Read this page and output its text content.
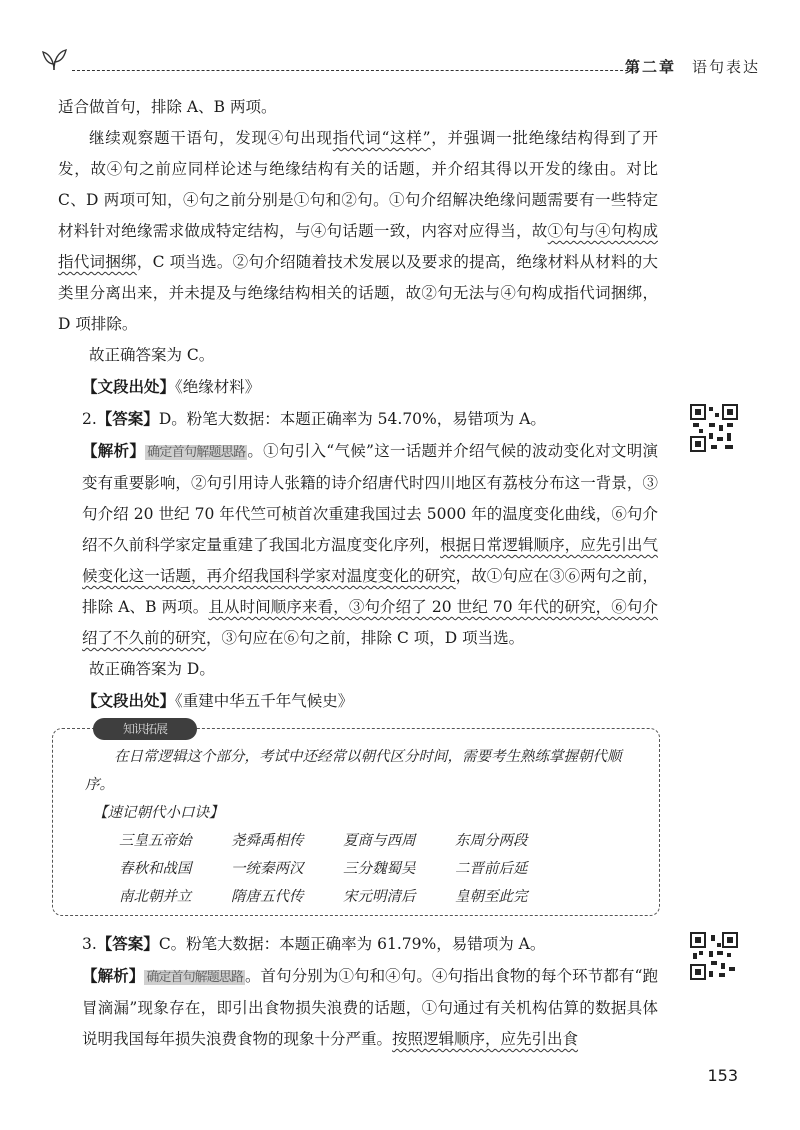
第二章 语句表达

适合做首句，排除 A、B 两项。

继续观察题干语句，发现④句出现指代词“这样”，并强调一批绝缘结构得到了开发，故④句之前应同样论述与绝缘结构有关的话题，并介绍其得以开发的缘由。对比 C、D 两项可知，④句之前分别是①句和②句。①句介绍解决绝缘问题需要有一些特定材料针对绝缘需求做成特定结构，与④句话题一致，内容对应得当，故①句与④句构成指代词捆绑，C 项当选。②句介绍随着技术发展以及要求的提高，绝缘材料从材料的大类里分离出来，并未提及与绝缘结构相关的话题，故②句无法与④句构成指代词捆绑，D 项排除。

故正确答案为 C。

【文段出处】《绝缘材料》

2.【答案】D。粉笔大数据：本题正确率为 54.70%，易错项为 A。

【解析】 确定首句解题思路 。①句引入“气候”这一话题并介绍气候的波动变化对文明演变有重要影响，②句引用诗人张籍的诗介绍唐代时四川地区有荔枝分布这一背景，③句介绍 20 世纪 70 年代竺可桢首次重建我国过去 5000 年的温度变化曲线，⑥句介绍不久前科学家定量重建了我国北方温度变化序列，根据日常逻辑顺序，应先引出气候变化这一话题，再介绍我国科学家对温度变化的研究，故①句应在③⑥两句之前，排除 A、B 两项。且从时间顺序来看，③句介绍了 20 世纪 70 年代的研究，⑥句介绍了不久前的研究，③句应在⑥句之前，排除 C 项，D 项当选。

故正确答案为 D。

【文段出处】《重建中华五千年气候史》

知识拓展

在日常逻辑这个部分，考试中还经常以朝代区分时间，需要考生熟练掌握朝代顺序。

【速记朝代小口诀】

三皇五帝始	尧舜禹相传	夏商与西周	东周分两段
春秋和战国	一统秦两汉	三分魏蜀吴	二晋前后延
南北朝并立	隋唐五代传	宋元明清后	皇朝至此完

3.【答案】C。粉笔大数据：本题正确率为 61.79%，易错项为 A。

【解析】 确定首句解题思路 。首句分别为①句和④句。④句指出食物的每个环节都有“跑冒滴漏”现象存在，即引出食物损失浪费的话题，①句通过有关机构估算的数据具体说明我国每年损失浪费食物的现象十分严重。按照逻辑顺序，应先引出食

153
